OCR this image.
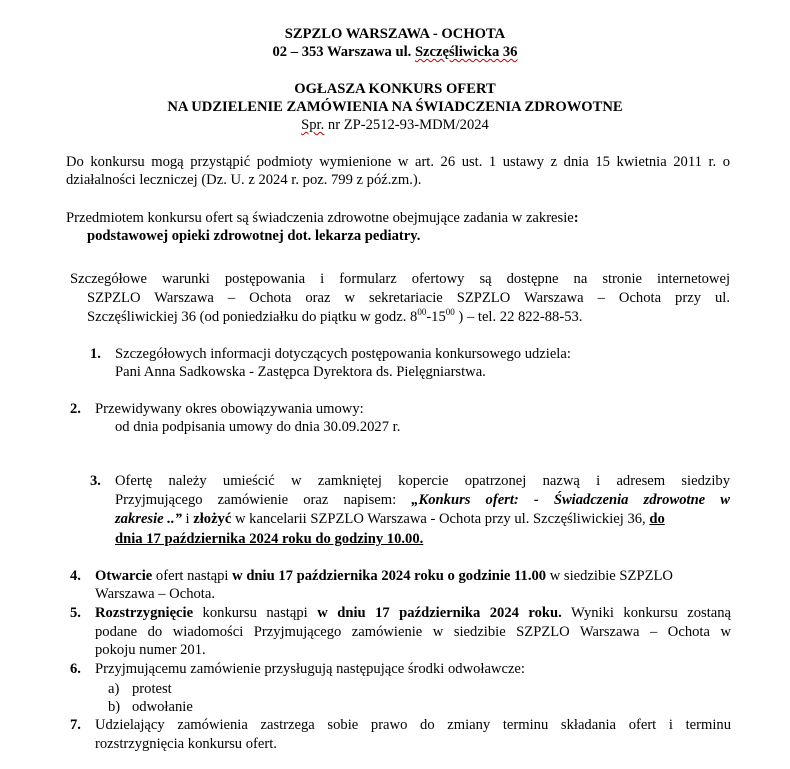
SZPZLO WARSZAWA - OCHOTA
02 – 353 Warszawa ul. Szczęśliwicka 36
OGŁASZA KONKURS OFERT
NA UDZIELENIE ZAMÓWIENIA NA ŚWIADCZENIA ZDROWOTNE
Spr. nr ZP-2512-93-MDM/2024
Do konkursu mogą przystąpić podmioty wymienione w art. 26 ust. 1 ustawy z dnia 15 kwietnia 2011 r. o działalności leczniczej (Dz. U. z 2024 r. poz. 799 z póź.zm.).
Przedmiotem konkursu ofert są świadczenia zdrowotne obejmujące zadania w zakresie:
podstawowej opieki zdrowotnej dot. lekarza pediatry.
Szczegółowe warunki postępowania i formularz ofertowy są dostępne na stronie internetowej
SZPZLO Warszawa – Ochota oraz w sekretariacie SZPZLO Warszawa – Ochota przy ul.
Szczęśliwickiej 36 (od poniedziałku do piątku w godz. $8^{00}-15^{00}$ ) – tel. 22 822-88-53.
1. Szczegółowych informacji dotyczących postępowania konkursowego udziela:
Pani Anna Sadkowska - Zastępca Dyrektora ds. Pielęgniarstwa.
2. Przewidywany okres obowiązywania umowy:
od dnia podpisania umowy do dnia 30.09.2027 r.
3. Ofertę należy umieścić w zamkniętej kopercie opatrzonej nazwą i adresem siedziby
Przyjmującego zamówienie oraz napisem: „Konkurs ofert: - Świadczenia zdrowotne w
zakresie ..” i złożyć w kancelarii SZPZLO Warszawa - Ochota przy ul. Szczęśliwickiej 36, do
dnia 17 października 2024 roku do godziny 10.00.
4. Otwarcie ofert nastąpi w dniu 17 października 2024 roku o godzinie 11.00 w siedzibie SZPZLO
Warszawa – Ochota.
5. Rozstrzygnięcie konkursu nastąpi w dniu 17 października 2024 roku. Wyniki konkursu zostaną
podane do wiadomości Przyjmującego zamówienie w siedzibie SZPZLO Warszawa – Ochota w
pokoju numer 201.
6. Przyjmującemu zamówienie przysługują następujące środki odwoławcze:
a) protest
b) odwołanie
7. Udzielający zamówienia zastrzega sobie prawo do zmiany terminu składania ofert i terminu
rozstrzygnięcia konkursu ofert.
